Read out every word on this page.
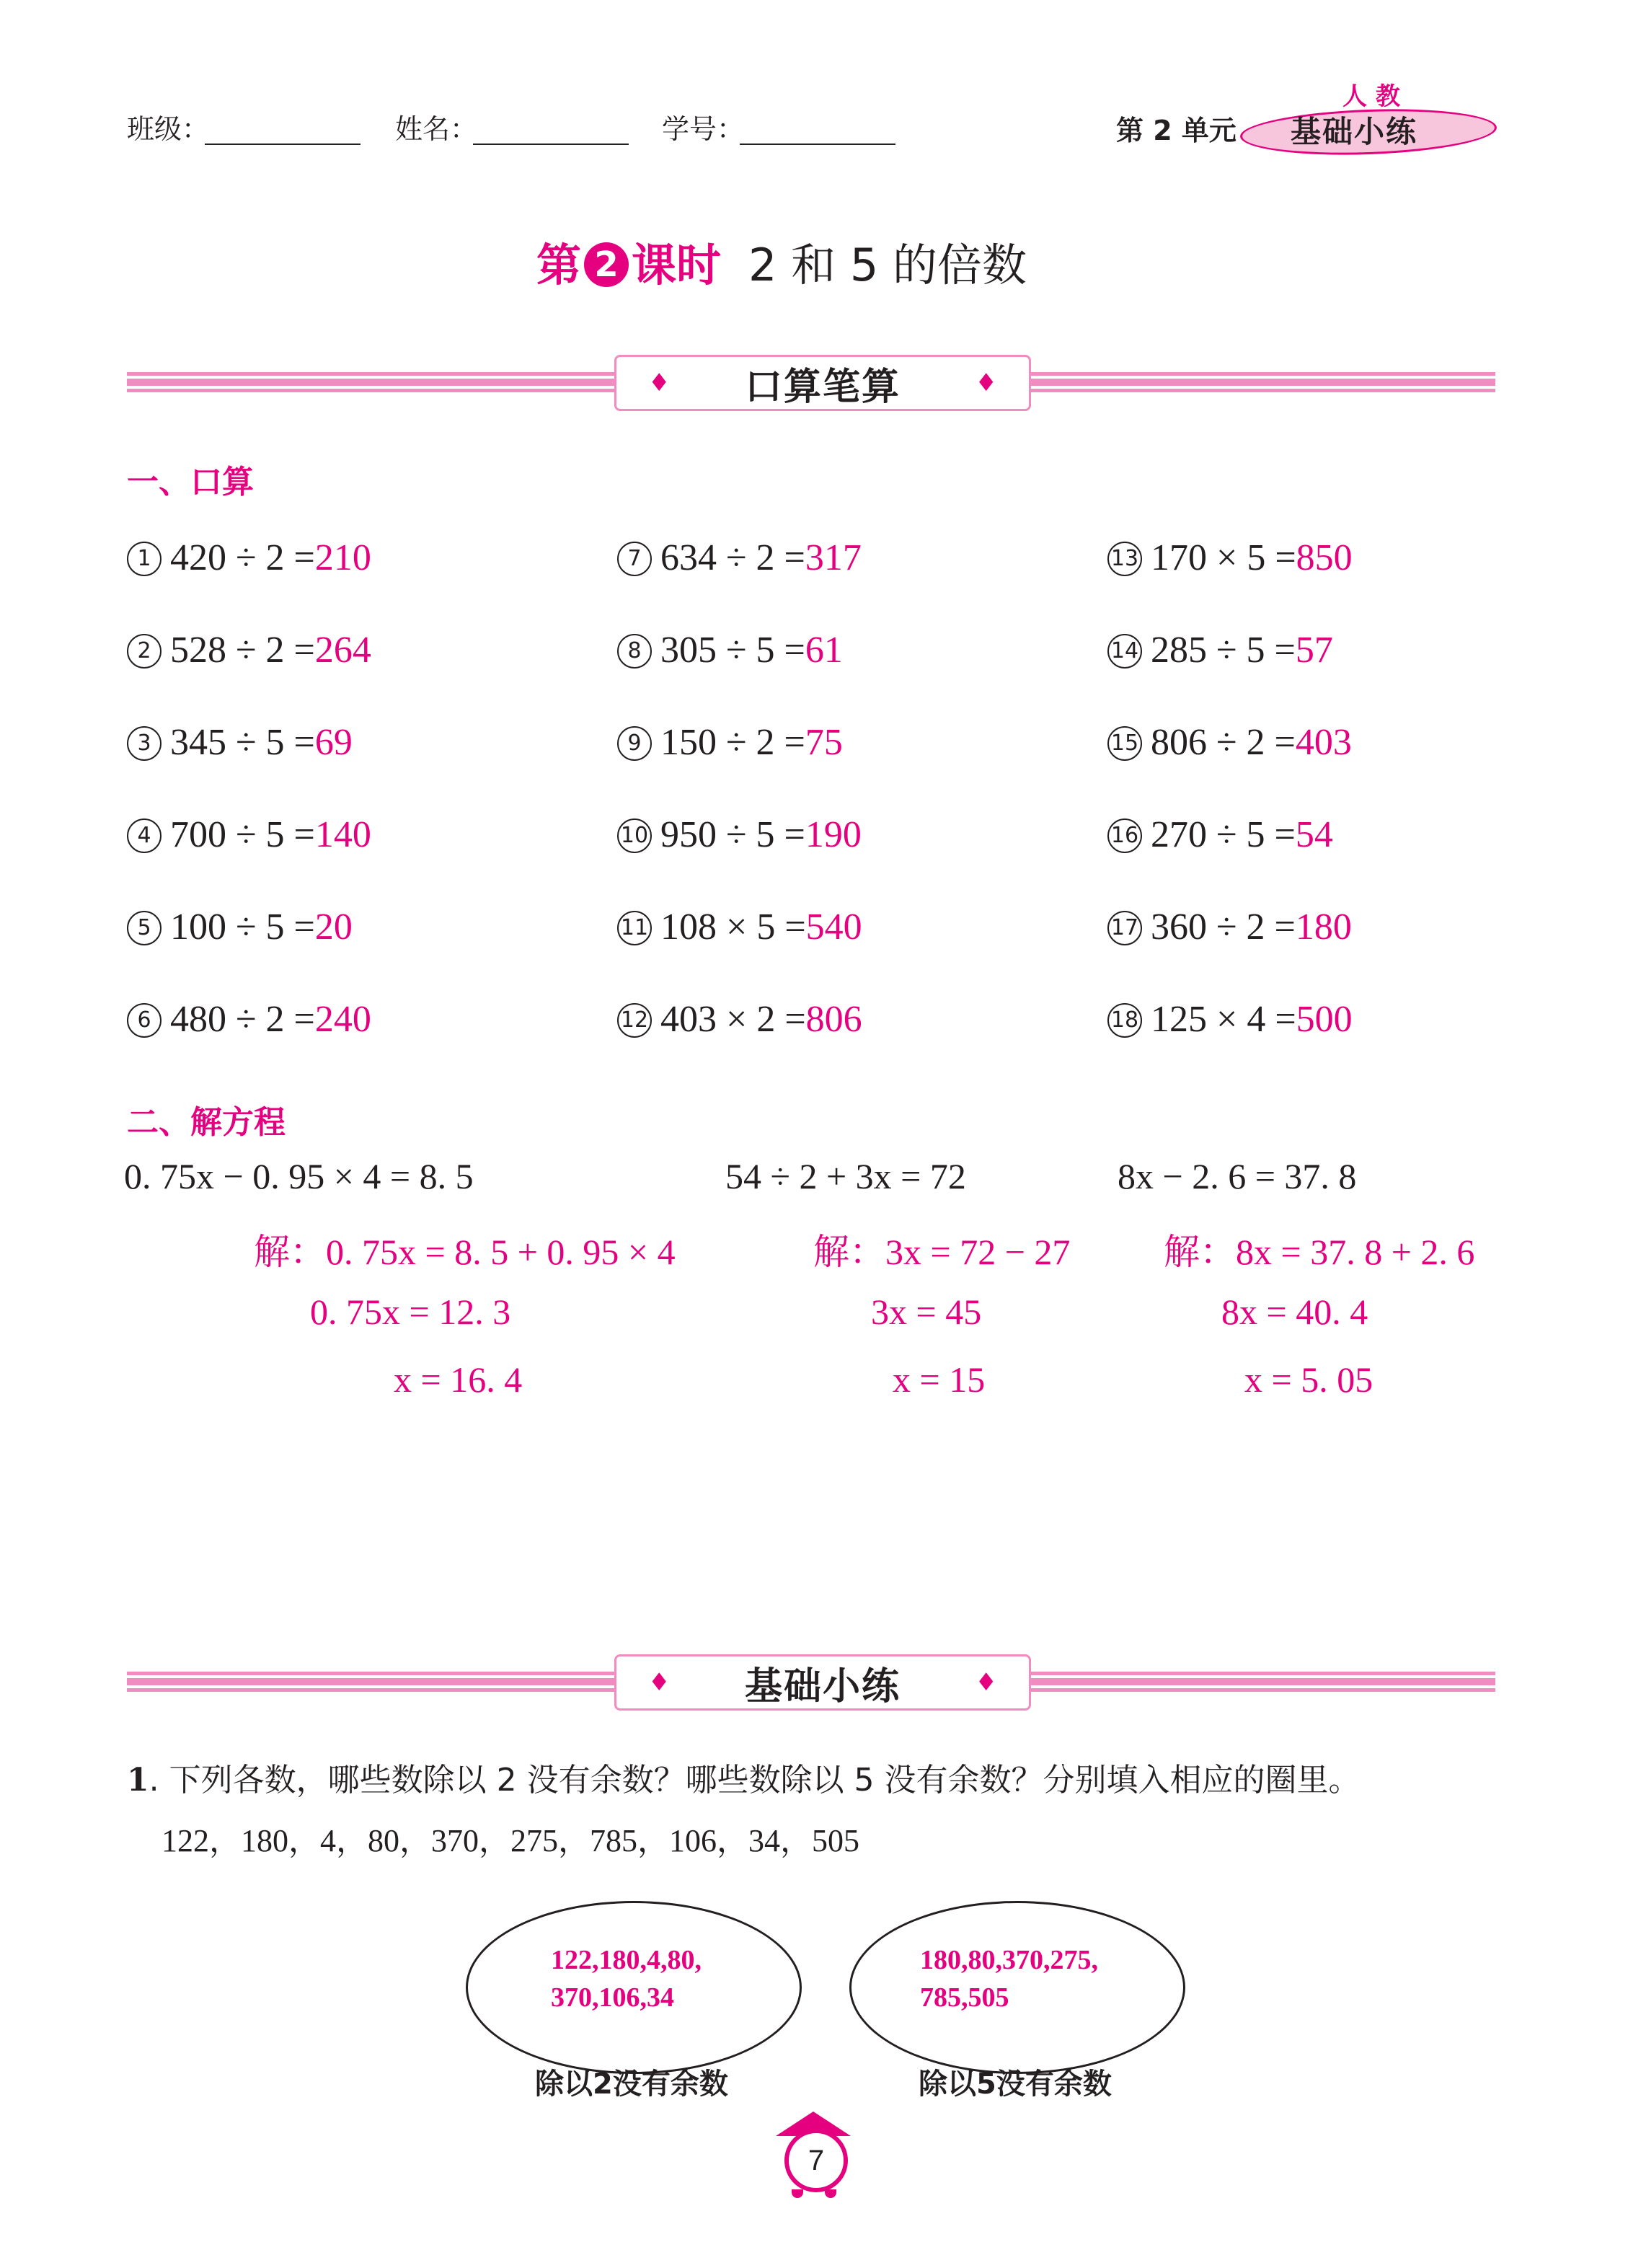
班级：	姓名：	学号：	第 2 单元
人教
基础小练
第 2 课时 2 和 5 的倍数
♦ 口算笔算	♦
一、口算
1 420 ÷ 2 =210
2 528 ÷ 2 =264
3 345 ÷ 5 =69
4 700 ÷ 5 =140
5 100 ÷ 5 =20
6 480 ÷ 2 =240
7 634 ÷ 2 =317
8 305 ÷ 5 =61
9 150 ÷ 2 =75
10 950 ÷ 5 =190
11 108 × 5 =540
12 403 × 2 =806
13 170 × 5 =850
14 285 ÷ 5 =57
15 806 ÷ 2 =403
16 270 ÷ 5 =54
17 360 ÷ 2 =180
18 125 × 4 =500
二、解方程
0. 75x − 0. 95 × 4 = 8. 5
解：0. 75x = 8. 5 + 0. 95 × 4
0. 75x = 12. 3
x = 16. 4
54 ÷ 2 + 3x = 72
解：3x = 72 − 27
3x = 45
x = 15
8x − 2. 6 = 37. 8
解：8x = 37. 8 + 2. 6
8x = 40. 4
x = 5. 05
♦ 基础小练	♦
1. 下列各数，哪些数除以 2 没有余数？哪些数除以 5 没有余数？分别填入相应的圈里。
122，180，4，80，370，275，785，106，34，505
122,180,4,80,
370,106,34
除以2没有余数
180,80,370,275,
785,505
除以5没有余数
7
